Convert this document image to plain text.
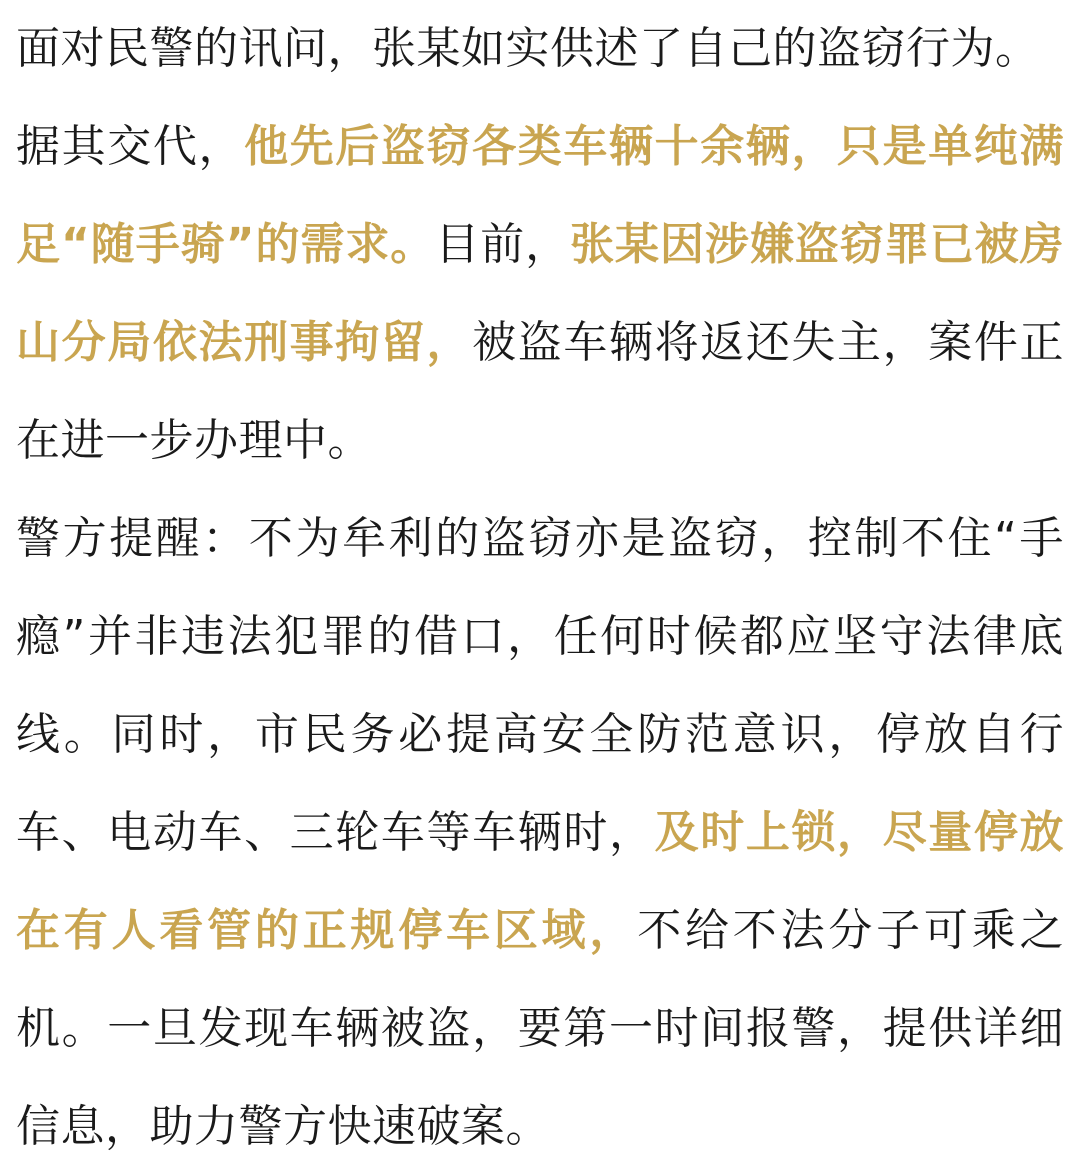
面对民警的讯问，张某如实供述了自己的盗窃行为。

据其交代，他先后盗窃各类车辆十余辆，只是单纯满足“随手骑”的需求。目前，张某因涉嫌盗窃罪已被房山分局依法刑事拘留，被盗车辆将返还失主，案件正在进一步办理中。

警方提醒：不为牟利的盗窃亦是盗窃，控制不住“手瘾”并非违法犯罪的借口，任何时候都应坚守法律底线。同时，市民务必提高安全防范意识，停放自行车、电动车、三轮车等车辆时，及时上锁，尽量停放在有人看管的正规停车区域，不给不法分子可乘之机。一旦发现车辆被盗，要第一时间报警，提供详细信息，助力警方快速破案。
